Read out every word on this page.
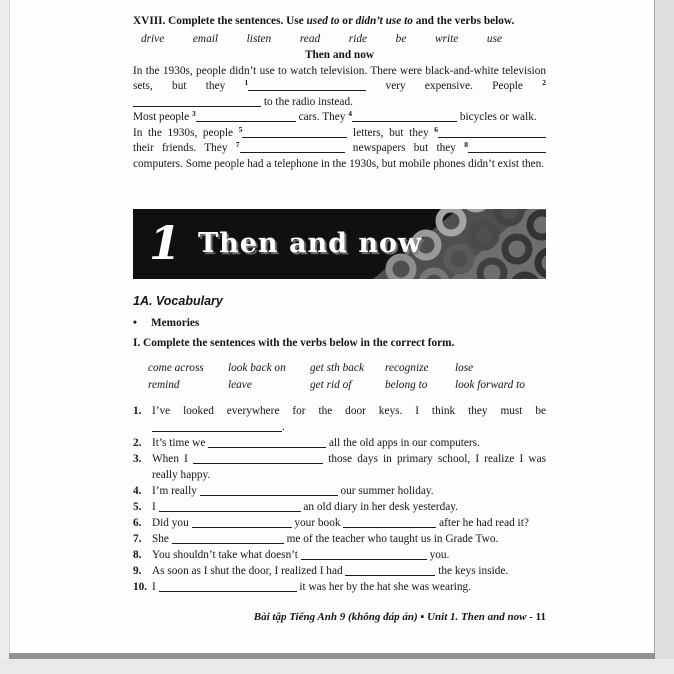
XVIII. Complete the sentences. Use used to or didn’t use to and the verbs below.

drive	email	listen	read	ride	be	write	use

Then and now

In the 1930s, people didn’t use to watch television. There were black-and-white television sets, but they $^1$	very expensive. People $^2$ to the radio instead.

Most people $^3$	cars. They $^4$	bicycles or walk.

In the 1930s, people $^5$	letters, but they $^6$ their friends. They $^7$	newspapers but they $^8$ computers. Some people had a telephone in the 1930s, but mobile phones didn’t exist then.

1 Then and now

1A. Vocabulary

• Memories

I. Complete the sentences with the verbs below in the correct form.

come across	look back on	get sth back	recognize	lose
remind	leave	get rid of	belong to	look forward to
1. I’ve looked everywhere for the door keys. I think they must be .
2. It’s time we	all the old apps in our computers.
3. When I	those days in primary school, I realize I was really happy.
4. I’m really	our summer holiday.
5. I	an old diary in her desk yesterday.
6. Did you	your book	after he had read it?
7. She	me of the teacher who taught us in Grade Two.
8. You shouldn’t take what doesn’t	you.
9. As soon as I shut the door, I realized I had	the keys inside.
10. I	it was her by the hat she was wearing.

Bài tập Tiếng Anh 9 (không đáp án) ▪ Unit 1. Then and now - 11
